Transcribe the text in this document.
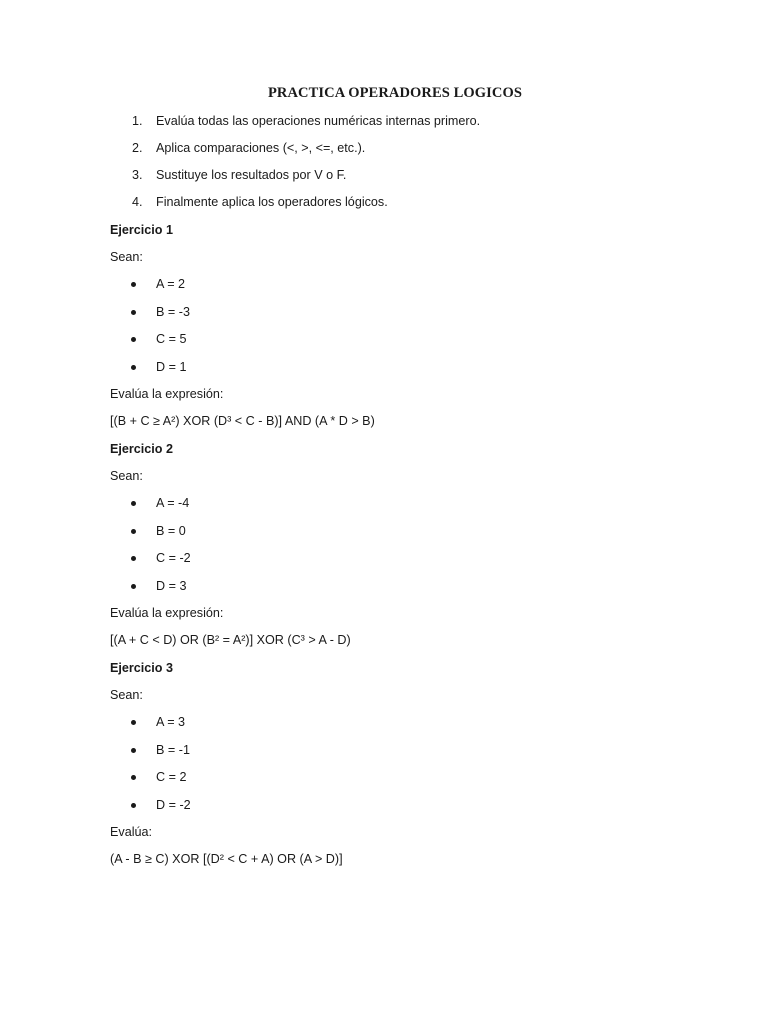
PRACTICA OPERADORES LOGICOS
1. Evalúa todas las operaciones numéricas internas primero.
2. Aplica comparaciones (<, >, <=, etc.).
3. Sustituye los resultados por V o F.
4. Finalmente aplica los operadores lógicos.
Ejercicio 1
Sean:
A = 2
B = -3
C = 5
D = 1
Evalúa la expresión:
[(B + C ≥ A²) XOR (D³ < C - B)] AND (A * D > B)
Ejercicio 2
Sean:
A = -4
B = 0
C = -2
D = 3
Evalúa la expresión:
[(A + C < D) OR (B² = A²)] XOR (C³ > A - D)
Ejercicio 3
Sean:
A = 3
B = -1
C = 2
D = -2
Evalúa:
(A - B ≥ C) XOR [(D² < C + A) OR (A > D)]
